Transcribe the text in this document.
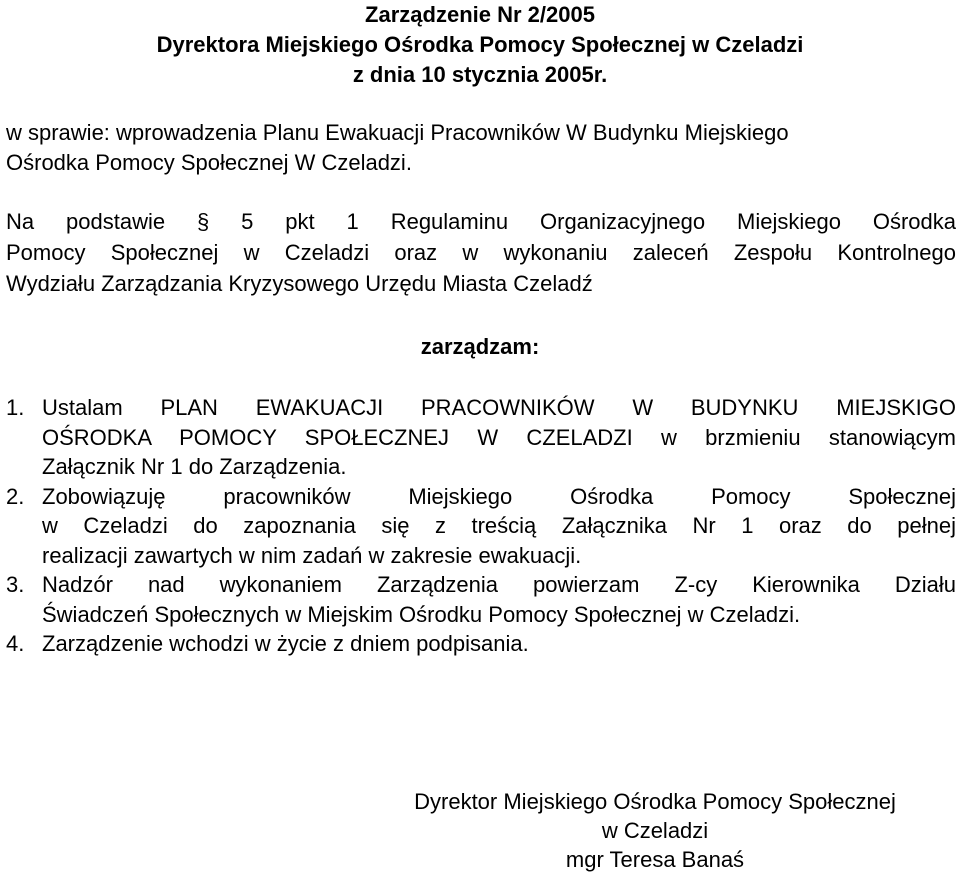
Zarządzenie Nr 2/2005
Dyrektora Miejskiego Ośrodka Pomocy Społecznej w Czeladzi
z dnia 10 stycznia 2005r.
w sprawie: wprowadzenia Planu Ewakuacji Pracowników W Budynku Miejskiego
Ośrodka Pomocy Społecznej W Czeladzi.
Na podstawie § 5 pkt 1 Regulaminu Organizacyjnego Miejskiego Ośrodka
Pomocy Społecznej w Czeladzi oraz w wykonaniu zaleceń Zespołu Kontrolnego
Wydziału Zarządzania Kryzysowego Urzędu Miasta Czeladź
zarządzam:
1. Ustalam PLAN EWAKUACJI PRACOWNIKÓW W BUDYNKU MIEJSKIGO
OŚRODKA POMOCY SPOŁECZNEJ W CZELADZI w brzmieniu stanowiącym
Załącznik Nr 1 do Zarządzenia.
2. Zobowiązuję pracowników Miejskiego Ośrodka Pomocy Społecznej
w Czeladzi do zapoznania się z treścią Załącznika Nr 1 oraz do pełnej
realizacji zawartych w nim zadań w zakresie ewakuacji.
3. Nadzór nad wykonaniem Zarządzenia powierzam Z-cy Kierownika Działu
Świadczeń Społecznych w Miejskim Ośrodku Pomocy Społecznej w Czeladzi.
4. Zarządzenie wchodzi w życie z dniem podpisania.
Dyrektor Miejskiego Ośrodka Pomocy Społecznej
w Czeladzi
mgr Teresa Banaś
